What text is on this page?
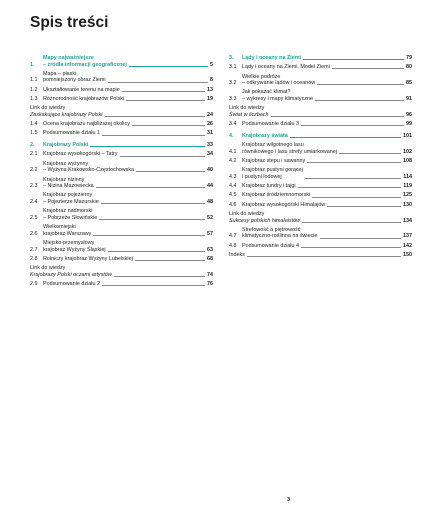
Spis treści
1.
Mapy najważniejsze
– źródła informacji geograficznej	5
1.1
Mapa – płaski,
pomniejszony obraz Ziemi	8
1.2	Ukształtowanie terenu na mapie	13
1.3	Różnorodność krajobrazów Polski	19
Link do wiedzy
Zaskakujące krajobrazy Polski	24
1.4	Ocena krajobrazu najbliższej okolicy	26
1.5	Podsumowanie działu 1	31
2.	Krajobrazy Polski	33
2.1	Krajobraz wysokogórski – Tatry	34
2.2
Krajobraz wyżynny
– Wyżyna Krakowsko-Częstochowska	40
2.3
Krajobraz nizinny
– Nizina Mazowiecka	44
2.4
Krajobraz pojezierny
– Pojezierze Mazurskie	48
2.5
Krajobraz nadmorski
– Pobrzeże Słowińskie	52
2.6
Wielkomiejski
krajobraz Warszawy	57
2.7
Miejsko-przemysłowy
krajobraz Wyżyny Śląskiej	63
2.8	Rolniczy krajobraz Wyżyny Lubelskiej	68
Link do wiedzy
Krajobrazy Polski oczami artystów	74
2.9	Podsumowanie działu 2	76
3.	Lądy i oceany na Ziemi	79
3.1	Lądy i oceany na Ziemi. Model Ziemi	80
3.2
Wielkie podróże
– odkrywanie lądów i oceanów	85
3.3
Jak pokazać klimat?
– wykresy i mapy klimatyczne	91
Link do wiedzy
Świat w liczbach	96
3.4	Podsumowanie działu 3	99
4.	Krajobrazy świata	101
4.1
Krajobraz wilgotnego lasu
równikowego i lasu strefy umiarkowanej	102
4.2	Krajobraz stepu i sawanny	108
4.3
Krajobraz pustyni gorącej
i pustyni lodowej	114
4.4	Krajobraz tundry i tajgi	119
4.5	Krajobraz śródziemnomorski	125
4.6	Krajobraz wysokogórski Himalajów	130
Link do wiedzy
Sukcesy polskich himalaistów	134
4.7
Strefowość a piętrowość
klimatyczno-roślinna na świecie	137
4.8	Podsumowanie działu 4	142
Indeks	150
3
